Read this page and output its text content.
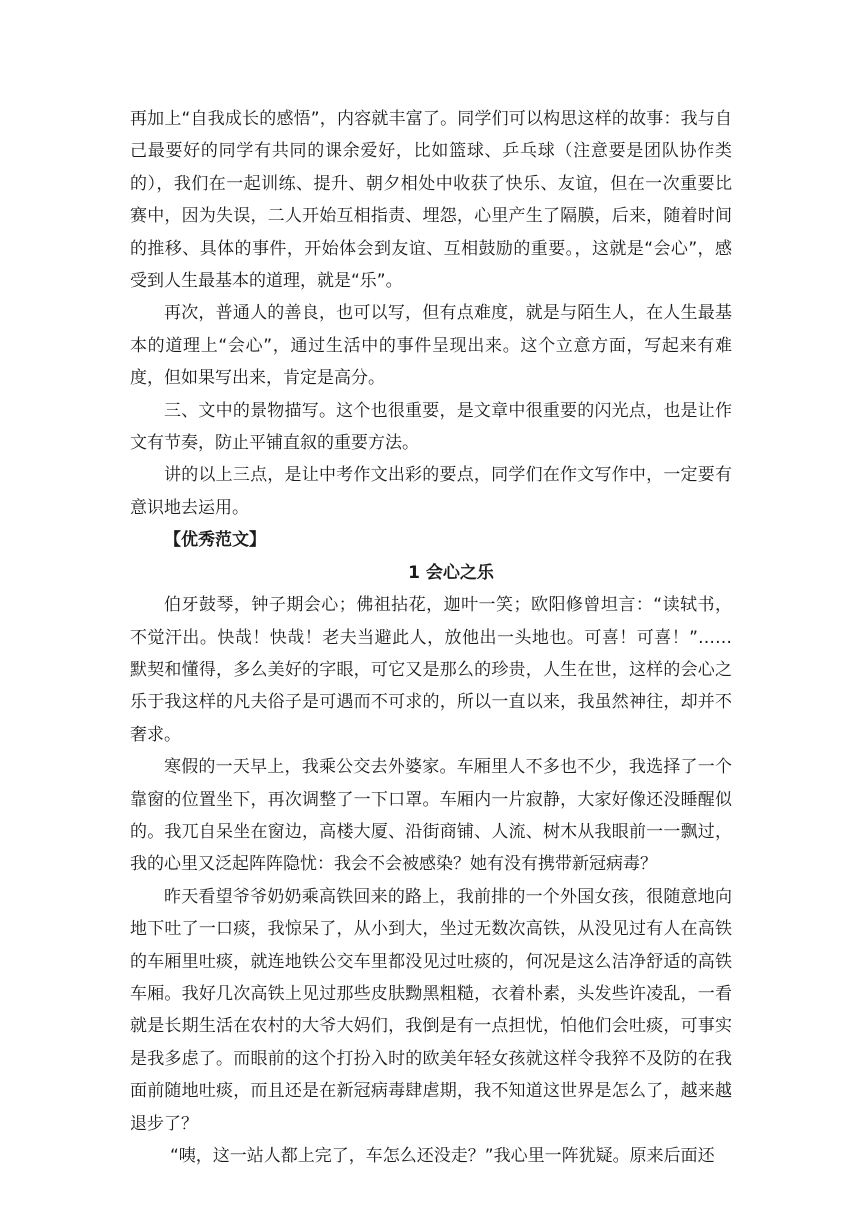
再加上“自我成长的感悟”，内容就丰富了。同学们可以构思这样的故事：我与自己最要好的同学有共同的课余爱好，比如篮球、乒乓球（注意要是团队协作类的），我们在一起训练、提升、朝夕相处中收获了快乐、友谊，但在一次重要比赛中，因为失误，二人开始互相指责、埋怨，心里产生了隔膜，后来，随着时间的推移、具体的事件，开始体会到友谊、互相鼓励的重要。，这就是“会心”，感受到人生最基本的道理，就是“乐”。

再次，普通人的善良，也可以写，但有点难度，就是与陌生人，在人生最基本的道理上“会心”，通过生活中的事件呈现出来。这个立意方面，写起来有难度，但如果写出来，肯定是高分。

三、文中的景物描写。这个也很重要，是文章中很重要的闪光点，也是让作文有节奏，防止平铺直叙的重要方法。

讲的以上三点，是让中考作文出彩的要点，同学们在作文写作中，一定要有意识地去运用。

【优秀范文】

1 会心之乐

伯牙鼓琴，钟子期会心；佛祖拈花，迦叶一笑；欧阳修曾坦言：“读轼书，不觉汗出。快哉！快哉！老夫当避此人，放他出一头地也。可喜！可喜！”……默契和懂得，多么美好的字眼，可它又是那么的珍贵，人生在世，这样的会心之乐于我这样的凡夫俗子是可遇而不可求的，所以一直以来，我虽然神往，却并不奢求。

寒假的一天早上，我乘公交去外婆家。车厢里人不多也不少，我选择了一个靠窗的位置坐下，再次调整了一下口罩。车厢内一片寂静，大家好像还没睡醒似的。我兀自呆坐在窗边，高楼大厦、沿街商铺、人流、树木从我眼前一一飘过，我的心里又泛起阵阵隐忧：我会不会被感染？她有没有携带新冠病毒？

昨天看望爷爷奶奶乘高铁回来的路上，我前排的一个外国女孩，很随意地向地下吐了一口痰，我惊呆了，从小到大，坐过无数次高铁，从没见过有人在高铁的车厢里吐痰，就连地铁公交车里都没见过吐痰的，何况是这么洁净舒适的高铁车厢。我好几次高铁上见过那些皮肤黝黑粗糙，衣着朴素，头发些许凌乱，一看就是长期生活在农村的大爷大妈们，我倒是有一点担忧，怕他们会吐痰，可事实是我多虑了。而眼前的这个打扮入时的欧美年轻女孩就这样令我猝不及防的在我面前随地吐痰，而且还是在新冠病毒肆虐期，我不知道这世界是怎么了，越来越退步了？

“咦，这一站人都上完了，车怎么还没走？”我心里一阵犹疑。原来后面还
